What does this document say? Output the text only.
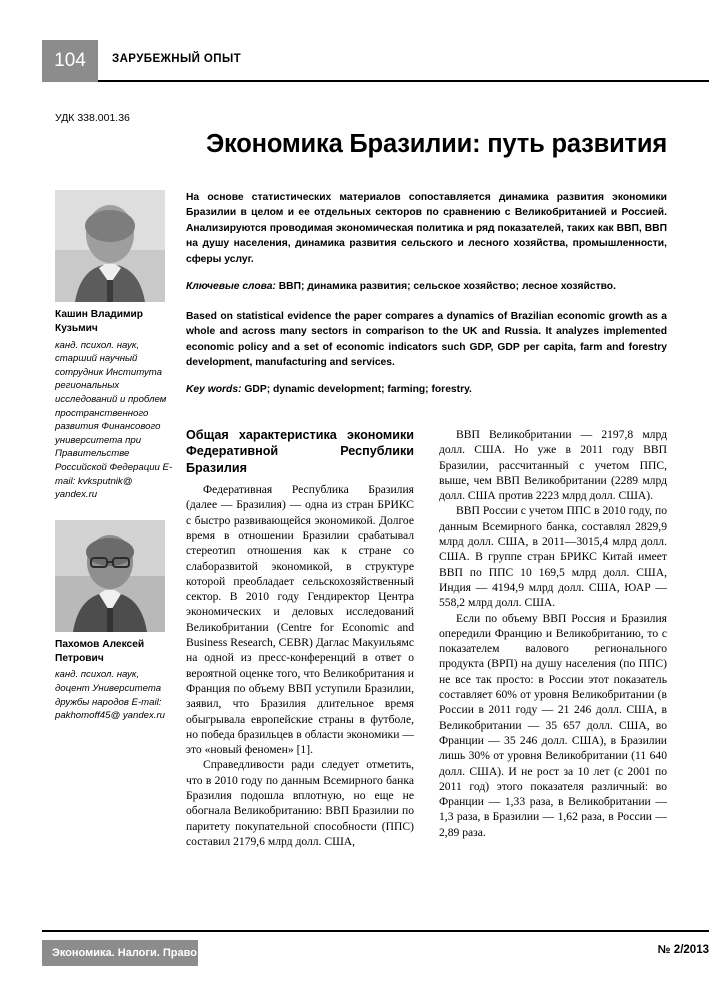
104	ЗАРУБЕЖНЫЙ ОПЫТ
УДК 338.001.36
Экономика Бразилии: путь развития
Кашин Владимир Кузьмич
канд. психол. наук, старший научный сотрудник Института региональных исследований и проблем пространственного развития Финансового университета при Правительстве Российской Федерации E-mail: kvksputnik@ yandex.ru
Пахомов Алексей Петрович
канд. психол. наук, доцент Университета дружбы народов E-mail: pakhomoff45@ yandex.ru
На основе статистических материалов сопоставляется динамика развития экономики Бразилии в целом и ее отдельных секторов по сравнению с Великобританией и Россией. Анализируются проводимая экономическая политика и ряд показателей, таких как ВВП, ВВП на душу населения, динамика развития сельского и лесного хозяйства, промышленности, сферы услуг.
Ключевые слова: ВВП; динамика развития; сельское хозяйство; лесное хозяйство.
Based on statistical evidence the paper compares a dynamics of Brazilian economic growth as a whole and across many sectors in comparison to the UK and Russia. It analyzes implemented economic policy and a set of economic indicators such GDP, GDP per capita, farm and forestry development, manufacturing and services.
Key words: GDP; dynamic development; farming; forestry.
Общая характеристика экономики Федеративной Республики Бразилия

Федеративная Республика Бразилия (далее — Бразилия) — одна из стран БРИКС с быстро развивающейся экономикой. Долгое время в отношении Бразилии срабатывал стереотип отношения как к стране со слаборазвитой экономикой, в структуре которой преобладает сельскохозяйственный сектор. В 2010 году Гендиректор Центра экономических и деловых исследований Великобритании (Centre for Economic and Business Research, CEBR) Даглас Макуильямс на одной из пресс-конференций в ответ о вероятной оценке того, что Великобритания и Франция по объему ВВП уступили Бразилии, заявил, что Бразилия длительное время обыгрывала европейские страны в футболе, но победа бразильцев в области экономики — это «новый феномен» [1].

Справедливости ради следует отметить, что в 2010 году по данным Всемирного банка Бразилия подошла вплотную, но еще не обогнала Великобританию: ВВП Бразилии по паритету покупательной способности (ППС) составил 2179,6 млрд долл. США,

ВВП Великобритании — 2197,8 млрд долл. США. Но уже в 2011 году ВВП Бразилии, рассчитанный с учетом ППС, выше, чем ВВП Великобритании (2289 млрд долл. США против 2223 млрд долл. США).

ВВП России с учетом ППС в 2010 году, по данным Всемирного банка, составлял 2829,9 млрд долл. США, в 2011—3015,4 млрд долл. США. В группе стран БРИКС Китай имеет ВВП по ППС 10 169,5 млрд долл. США, Индия — 4194,9 млрд долл. США, ЮАР — 558,2 млрд долл. США.

Если по объему ВВП Россия и Бразилия опередили Францию и Великобританию, то с показателем валового регионального продукта (ВРП) на душу населения (по ППС) не все так просто: в России этот показатель составляет 60% от уровня Великобритании (в России в 2011 году — 21 246 долл. США, в Великобритании — 35 657 долл. США, во Франции — 35 246 долл. США), в Бразилии лишь 30% от уровня Великобритании (11 640 долл. США). И не рост за 10 лет (с 2001 по 2011 год) этого показателя различный: во Франции — 1,33 раза, в Великобритании — 1,3 раза, в Бразилии — 1,62 раза, в России — 2,89 раза.

Экономика. Налоги. Право	№ 2/2013
